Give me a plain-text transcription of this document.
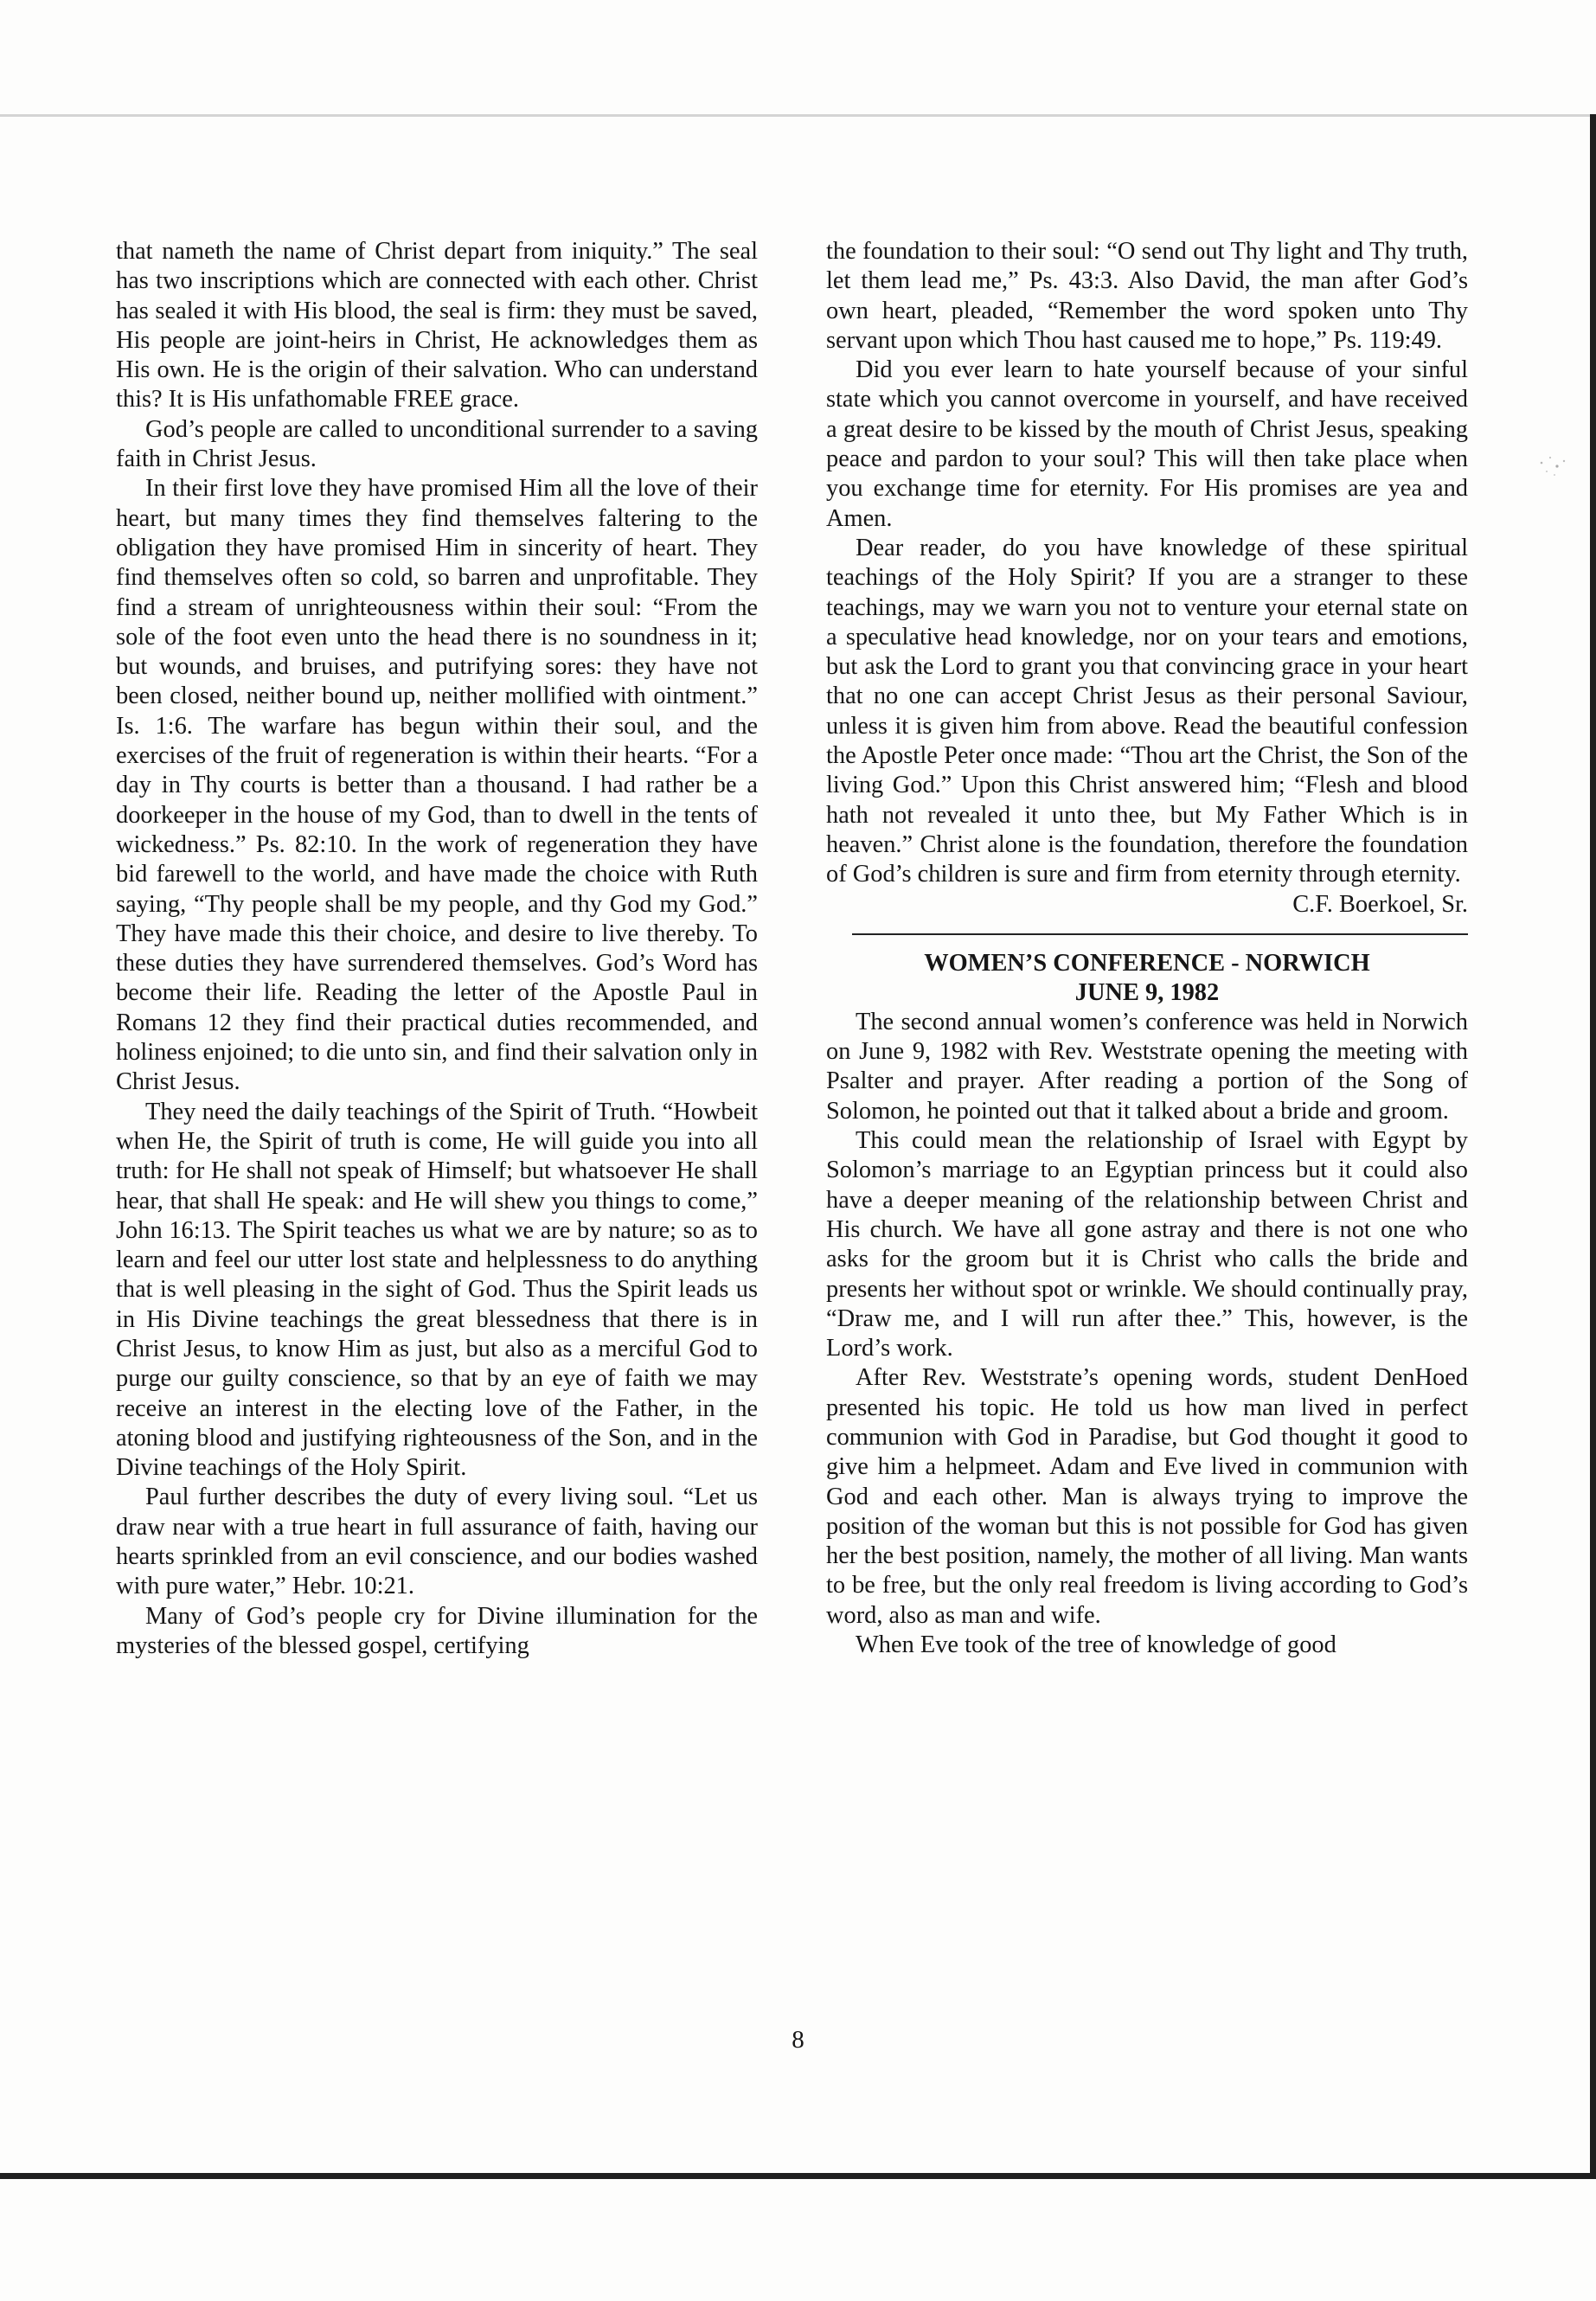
that nameth the name of Christ depart from iniquity.” The seal has two inscriptions which are connected with each other. Christ has sealed it with His blood, the seal is firm: they must be saved, His people are joint-heirs in Christ, He acknowledges them as His own. He is the origin of their salvation. Who can understand this? It is His unfathomable FREE grace.

God’s people are called to unconditional surrender to a saving faith in Christ Jesus.

In their first love they have promised Him all the love of their heart, but many times they find themselves faltering to the obligation they have promised Him in sincerity of heart. They find themselves often so cold, so barren and unprofitable. They find a stream of unrighteousness within their soul: “From the sole of the foot even unto the head there is no soundness in it; but wounds, and bruises, and putrifying sores: they have not been closed, neither bound up, neither mollified with ointment.” Is. 1:6. The warfare has begun within their soul, and the exercises of the fruit of regeneration is within their hearts. “For a day in Thy courts is better than a thousand. I had rather be a doorkeeper in the house of my God, than to dwell in the tents of wickedness.” Ps. 82:10. In the work of regeneration they have bid farewell to the world, and have made the choice with Ruth saying, “Thy people shall be my people, and thy God my God.” They have made this their choice, and desire to live thereby. To these duties they have surrendered themselves. God’s Word has become their life. Reading the letter of the Apostle Paul in Romans 12 they find their practical duties recommended, and holiness enjoined; to die unto sin, and find their salvation only in Christ Jesus.

They need the daily teachings of the Spirit of Truth. “Howbeit when He, the Spirit of truth is come, He will guide you into all truth: for He shall not speak of Himself; but whatsoever He shall hear, that shall He speak: and He will shew you things to come,” John 16:13. The Spirit teaches us what we are by nature; so as to learn and feel our utter lost state and helplessness to do anything that is well pleasing in the sight of God. Thus the Spirit leads us in His Divine teachings the great blessedness that there is in Christ Jesus, to know Him as just, but also as a merciful God to purge our guilty conscience, so that by an eye of faith we may receive an interest in the electing love of the Father, in the atoning blood and justifying righteousness of the Son, and in the Divine teachings of the Holy Spirit.

Paul further describes the duty of every living soul. “Let us draw near with a true heart in full assurance of faith, having our hearts sprinkled from an evil conscience, and our bodies washed with pure water,” Hebr. 10:21.

Many of God’s people cry for Divine illumination for the mysteries of the blessed gospel, certifying

the foundation to their soul: “O send out Thy light and Thy truth, let them lead me,” Ps. 43:3. Also David, the man after God’s own heart, pleaded, “Remember the word spoken unto Thy servant upon which Thou hast caused me to hope,” Ps. 119:49.

Did you ever learn to hate yourself because of your sinful state which you cannot overcome in yourself, and have received a great desire to be kissed by the mouth of Christ Jesus, speaking peace and pardon to your soul? This will then take place when you exchange time for eternity. For His promises are yea and Amen.

Dear reader, do you have knowledge of these spiritual teachings of the Holy Spirit? If you are a stranger to these teachings, may we warn you not to venture your eternal state on a speculative head knowledge, nor on your tears and emotions, but ask the Lord to grant you that convincing grace in your heart that no one can accept Christ Jesus as their personal Saviour, unless it is given him from above. Read the beautiful confession the Apostle Peter once made: “Thou art the Christ, the Son of the living God.” Upon this Christ answered him; “Flesh and blood hath not revealed it unto thee, but My Father Which is in heaven.” Christ alone is the foundation, therefore the foundation of God’s children is sure and firm from eternity through eternity.

C.F. Boerkoel, Sr.

WOMEN’S CONFERENCE - NORWICH
JUNE 9, 1982

The second annual women’s conference was held in Norwich on June 9, 1982 with Rev. Weststrate opening the meeting with Psalter and prayer. After reading a portion of the Song of Solomon, he pointed out that it talked about a bride and groom.

This could mean the relationship of Israel with Egypt by Solomon’s marriage to an Egyptian princess but it could also have a deeper meaning of the relationship between Christ and His church. We have all gone astray and there is not one who asks for the groom but it is Christ who calls the bride and presents her without spot or wrinkle. We should continually pray, “Draw me, and I will run after thee.” This, however, is the Lord’s work.

After Rev. Weststrate’s opening words, student DenHoed presented his topic. He told us how man lived in perfect communion with God in Paradise, but God thought it good to give him a helpmeet. Adam and Eve lived in communion with God and each other. Man is always trying to improve the position of the woman but this is not possible for God has given her the best position, namely, the mother of all living. Man wants to be free, but the only real freedom is living according to God’s word, also as man and wife.

When Eve took of the tree of knowledge of good

8
